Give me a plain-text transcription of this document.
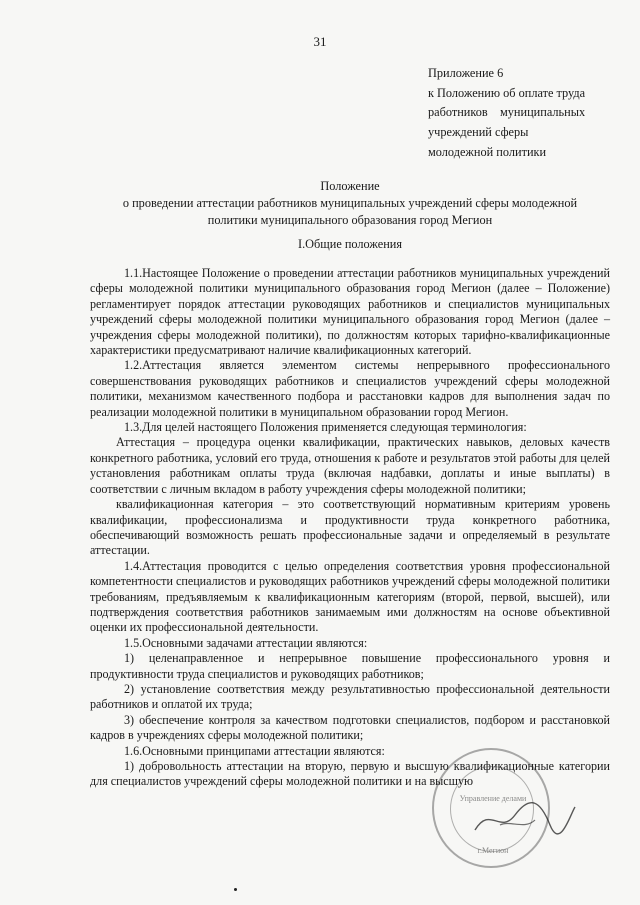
31
Приложение 6
к Положению об оплате труда
работников    муниципальных
учреждений сферы
молодежной политики
Положение
о проведении аттестации работников муниципальных учреждений сферы молодежной политики муниципального образования город Мегион
I.Общие положения

1.1.Настоящее Положение о проведении аттестации работников муниципальных учреждений сферы молодежной политики муниципального образования город Мегион (далее – Положение) регламентирует порядок аттестации руководящих работников и специалистов муниципальных учреждений сферы молодежной политики муниципального образования город Мегион (далее – учреждения сферы молодежной политики), по должностям которых тарифно-квалификационные характеристики предусматривают наличие квалификационных категорий.

1.2.Аттестация является элементом системы непрерывного профессионального совершенствования руководящих работников и специалистов учреждений сферы молодежной политики, механизмом качественного подбора и расстановки кадров для выполнения задач по реализации молодежной политики в муниципальном образовании город Мегион.

1.3.Для целей настоящего Положения применяется следующая терминология:

Аттестация – процедура оценки квалификации, практических навыков, деловых качеств конкретного работника, условий его труда, отношения к работе и результатов этой работы для целей установления работникам оплаты труда (включая надбавки, доплаты и иные выплаты) в соответствии с личным вкладом в работу учреждения сферы молодежной политики;

квалификационная категория – это соответствующий нормативным критериям уровень квалификации, профессионализма и продуктивности труда конкретного работника, обеспечивающий возможность решать профессиональные задачи и определяемый в результате аттестации.

1.4.Аттестация проводится с целью определения соответствия уровня профессиональной компетентности специалистов и руководящих работников учреждений сферы молодежной политики требованиям, предъявляемым к квалификационным категориям (второй, первой, высшей), или подтверждения соответствия работников занимаемым ими должностям на основе объективной оценки их профессиональной деятельности.

1.5.Основными задачами аттестации являются:

1) целенаправленное и непрерывное повышение профессионального уровня и продуктивности труда специалистов и руководящих работников;

2) установление соответствия между результативностью профессиональной деятельности работников и оплатой их труда;

3) обеспечение контроля за качеством подготовки специалистов, подбором и расстановкой кадров в учреждениях сферы молодежной политики;

1.6.Основными принципами аттестации являются:

1) добровольность аттестации на вторую, первую и высшую квалификационные категории для специалистов учреждений сферы молодежной политики и на высшую

Управление делами
г.Мегион
